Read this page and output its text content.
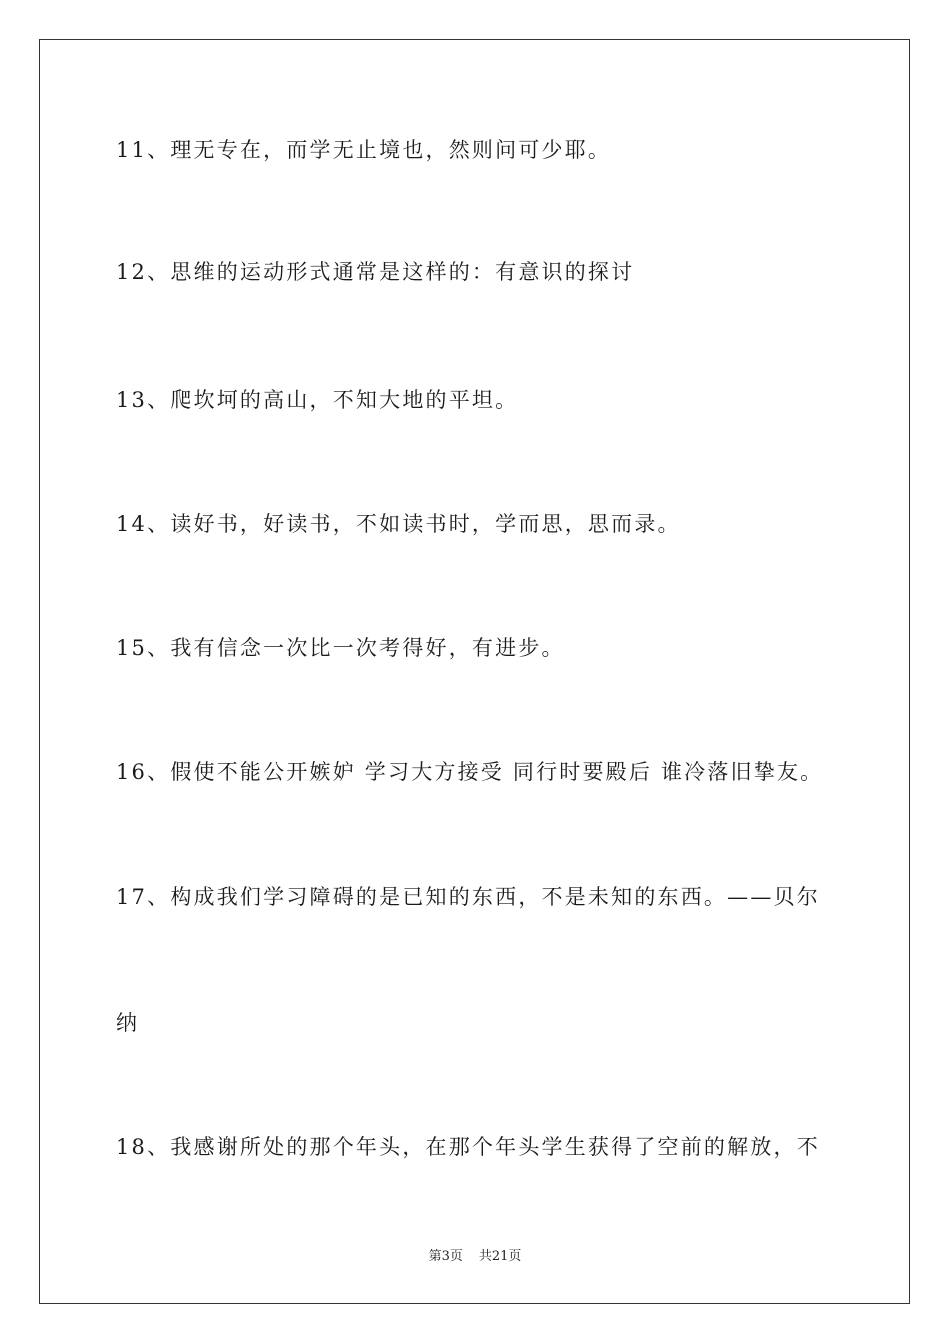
11、理无专在，而学无止境也，然则问可少耶。
12、思维的运动形式通常是这样的：有意识的探讨
13、爬坎坷的高山，不知大地的平坦。
14、读好书，好读书，不如读书时，学而思，思而录。
15、我有信念一次比一次考得好，有进步。
16、假使不能公开嫉妒 学习大方接受 同行时要殿后 谁冷落旧挚友。
17、构成我们学习障碍的是已知的东西，不是未知的东西。——贝尔
纳
18、我感谢所处的那个年头，在那个年头学生获得了空前的解放，不
第3页 共21页
